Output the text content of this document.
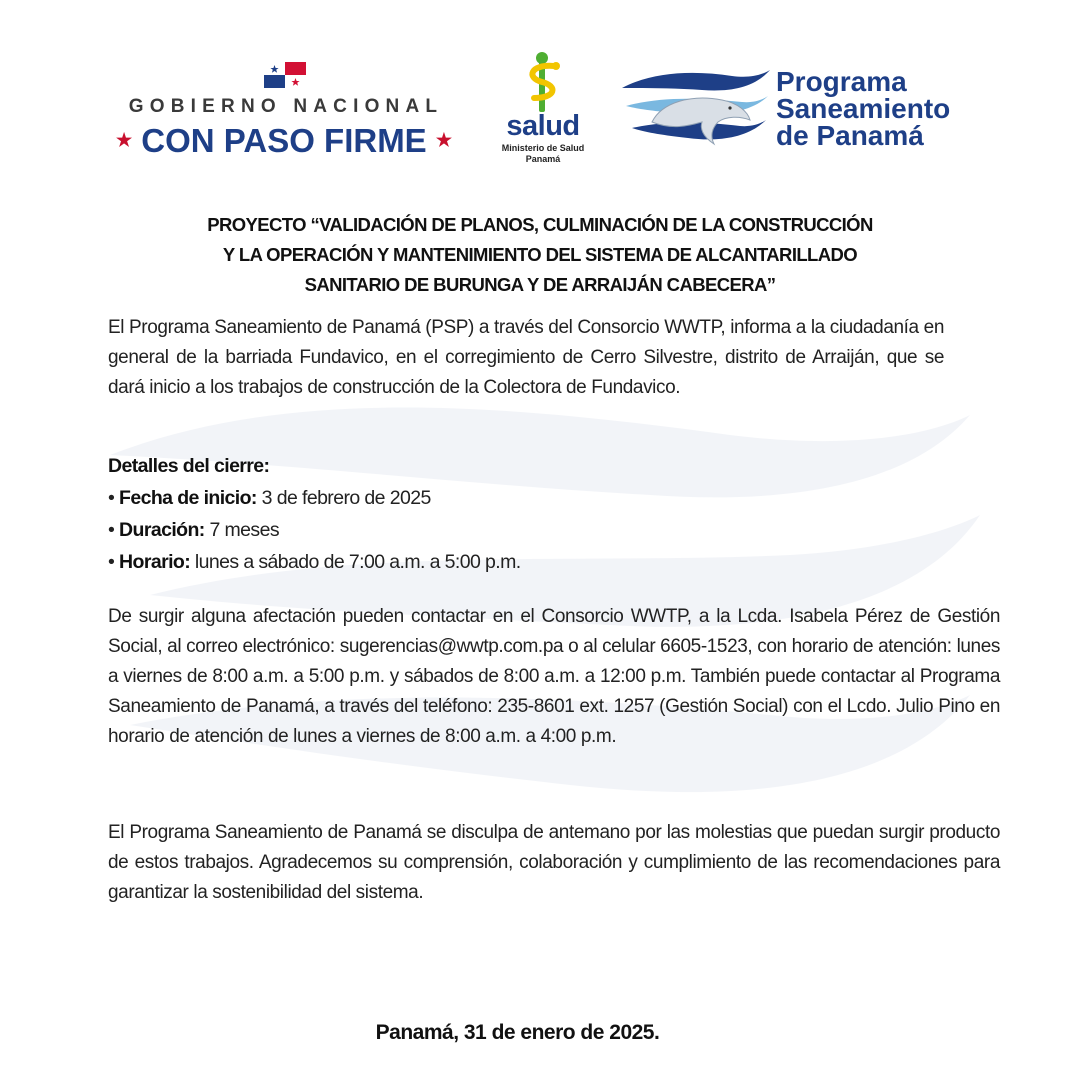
GOBIERNO NACIONAL
★ CON PASO FIRME ★	salud
Ministerio de Salud
Panamá
Programa
Saneamiento
de Panamá
PROYECTO “VALIDACIÓN DE PLANOS, CULMINACIÓN DE LA CONSTRUCCIÓN
Y LA OPERACIÓN Y MANTENIMIENTO DEL SISTEMA DE ALCANTARILLADO
SANITARIO DE BURUNGA Y DE ARRAIJÁN CABECERA”

El Programa Saneamiento de Panamá (PSP) a través del Consorcio WWTP, informa a la ciudadanía en general de la barriada Fundavico, en el corregimiento de Cerro Silvestre, distrito de Arraiján, que se dará inicio a los trabajos de construcción de la Colectora de Fundavico.

Detalles del cierre:
• Fecha de inicio: 3 de febrero de 2025
• Duración: 7 meses
• Horario: lunes a sábado de 7:00 a.m. a 5:00 p.m.

De surgir alguna afectación pueden contactar en el Consorcio WWTP, a la Lcda. Isabela Pérez de Gestión Social, al correo electrónico: sugerencias@wwtp.com.pa o al celular 6605-1523, con horario de atención: lunes a viernes de 8:00 a.m. a 5:00 p.m. y sábados de 8:00 a.m. a 12:00 p.m. También puede contactar al Programa Saneamiento de Panamá, a través del teléfono: 235-8601 ext. 1257 (Gestión Social) con el Lcdo. Julio Pino en horario de atención de lunes a viernes de 8:00 a.m. a 4:00 p.m.

El Programa Saneamiento de Panamá se disculpa de antemano por las molestias que puedan surgir producto de estos trabajos. Agradecemos su comprensión, colaboración y cumplimiento de las recomendaciones para garantizar la sostenibilidad del sistema.

Panamá, 31 de enero de 2025.
